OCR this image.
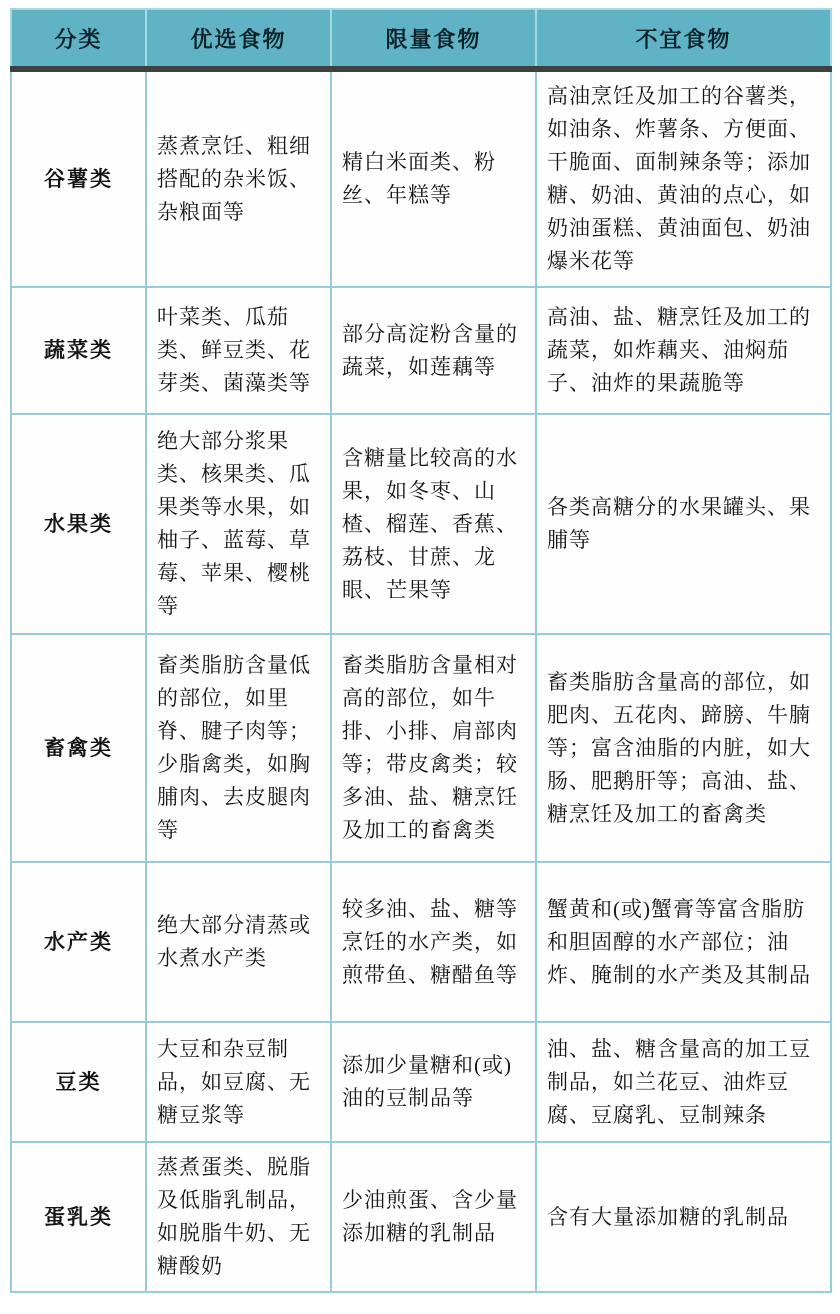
分类	优选食物	限量食物	不宜食物
谷薯类	蒸煮烹饪、粗细搭配的杂米饭、杂粮面等	精白米面类、粉丝、年糕等	高油烹饪及加工的谷薯类，如油条、炸薯条、方便面、干脆面、面制辣条等；添加糖、奶油、黄油的点心，如奶油蛋糕、黄油面包、奶油爆米花等
蔬菜类	叶菜类、瓜茄类、鲜豆类、花芽类、菌藻类等	部分高淀粉含量的蔬菜，如莲藕等	高油、盐、糖烹饪及加工的蔬菜，如炸藕夹、油焖茄子、油炸的果蔬脆等
水果类	绝大部分浆果类、核果类、瓜果类等水果，如柚子、蓝莓、草莓、苹果、樱桃等	含糖量比较高的水果，如冬枣、山楂、榴莲、香蕉、荔枝、甘蔗、龙眼、芒果等	各类高糖分的水果罐头、果脯等
畜禽类	畜类脂肪含量低的部位，如里脊、腱子肉等；少脂禽类，如胸脯肉、去皮腿肉等	畜类脂肪含量相对高的部位，如牛排、小排、肩部肉等；带皮禽类；较多油、盐、糖烹饪及加工的畜禽类	畜类脂肪含量高的部位，如肥肉、五花肉、蹄膀、牛腩等；富含油脂的内脏，如大肠、肥鹅肝等；高油、盐、糖烹饪及加工的畜禽类
水产类	绝大部分清蒸或水煮水产类	较多油、盐、糖等烹饪的水产类，如煎带鱼、糖醋鱼等	蟹黄和(或)蟹膏等富含脂肪和胆固醇的水产部位；油炸、腌制的水产类及其制品
豆类	大豆和杂豆制品，如豆腐、无糖豆浆等	添加少量糖和(或)油的豆制品等	油、盐、糖含量高的加工豆制品，如兰花豆、油炸豆腐、豆腐乳、豆制辣条
蛋乳类	蒸煮蛋类、脱脂及低脂乳制品，如脱脂牛奶、无糖酸奶	少油煎蛋、含少量添加糖的乳制品	含有大量添加糖的乳制品
